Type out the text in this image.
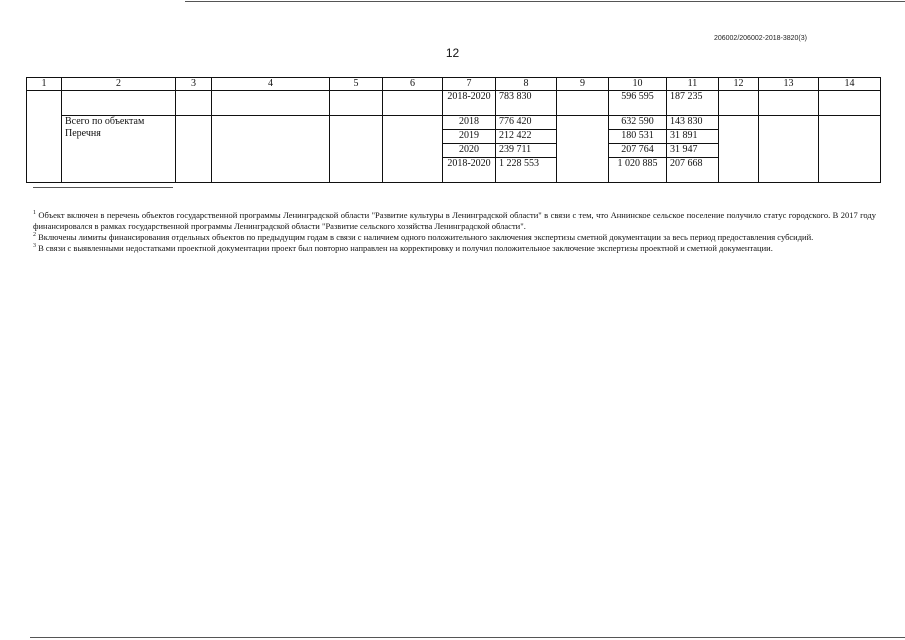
206002/206002-2018-3820(3)
12
1	2	3	4	5	6	7	8	9	10	11	12	13	14
						2018-2020	783 830		596 595	187 235			
	Всего по объектам Перечня					2018	776 420		632 590	143 830			
						2019	212 422		180 531	31 891			
						2020	239 711		207 764	31 947			
						2018-2020	1 228 553		1 020 885	207 668			

$^1$ Объект включен в перечень объектов государственной программы Ленинградской области "Развитие культуры в Ленинградской области" в связи с тем, что Аннинское сельское поселение получило статус городского. В 2017 году финансировался в рамках государственной программы Ленинградской области "Развитие сельского хозяйства Ленинградской области".

$^2$ Включены лимиты финансирования отдельных объектов по предыдущим годам в связи с наличием одного положительного заключения экспертизы сметной документации за весь период предоставления субсидий.

$^3$ В связи с выявленными недостатками проектной документации проект был повторно направлен на корректировку и получил положительное заключение экспертизы проектной и сметной документации.
